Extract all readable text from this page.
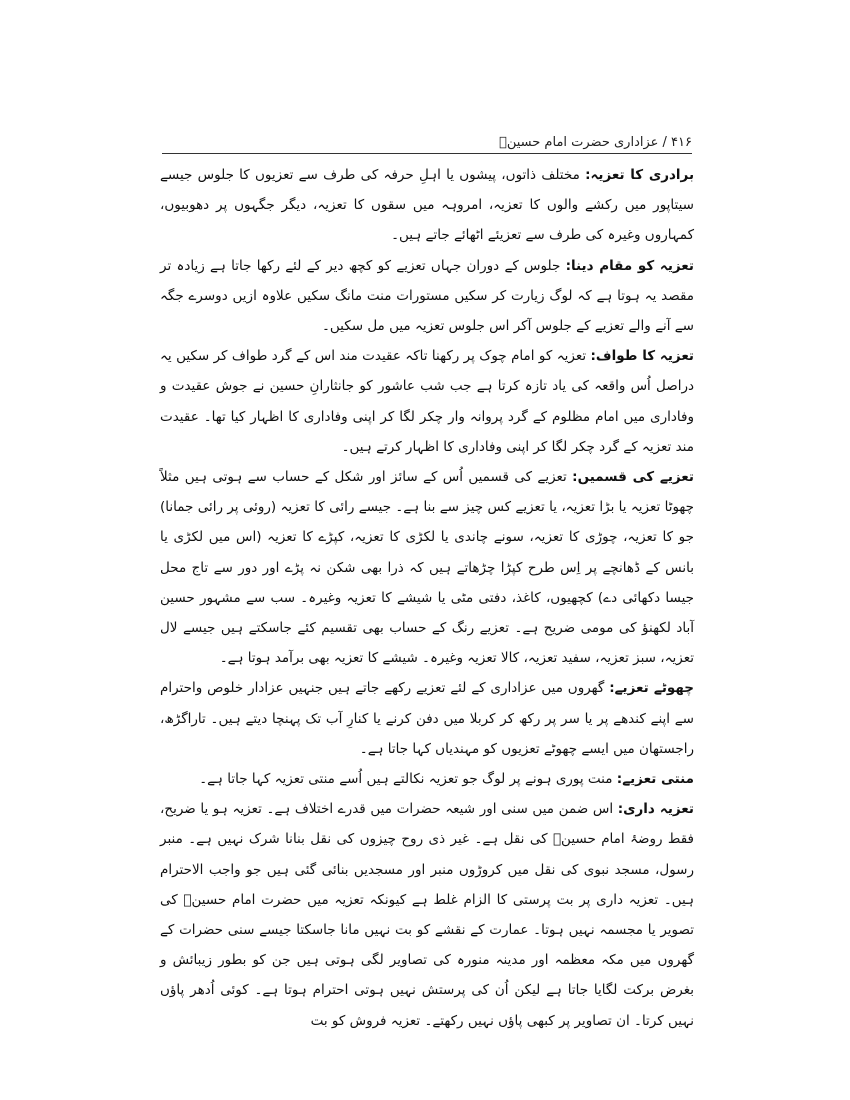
۴۱۶ / عزاداری حضرت امام حسینؑ

برادری کا تعزیہ: مختلف ذاتوں، پیشوں یا اہلِ حرفہ کی طرف سے تعزیوں کا جلوس جیسے سیتاپور میں رکشے والوں کا تعزیہ، امروہہ میں سقوں کا تعزیہ، دیگر جگہوں پر دھوبیوں، کمہاروں وغیرہ کی طرف سے تعزیئے اٹھائے جاتے ہیں۔

تعزیہ کو مقام دینا: جلوس کے دوران جہاں تعزیے کو کچھ دیر کے لئے رکھا جاتا ہے زیادہ تر مقصد یہ ہوتا ہے کہ لوگ زیارت کر سکیں مستورات منت مانگ سکیں علاوہ ازیں دوسرے جگہ سے آنے والے تعزیے کے جلوس آکر اس جلوس تعزیہ میں مل سکیں۔

تعزیہ کا طواف: تعزیہ کو امام چوک پر رکھنا تاکہ عقیدت مند اس کے گرد طواف کر سکیں یہ دراصل اُس واقعہ کی یاد تازہ کرتا ہے جب شب عاشور کو جانثارانِ حسین نے جوش عقیدت و وفاداری میں امام مظلوم کے گرد پروانہ وار چکر لگا کر اپنی وفاداری کا اظہار کیا تھا۔ عقیدت مند تعزیہ کے گرد چکر لگا کر اپنی وفاداری کا اظہار کرتے ہیں۔

تعزیے کی قسمیں: تعزیے کی قسمیں اُس کے سائز اور شکل کے حساب سے ہوتی ہیں مثلاً چھوٹا تعزیہ یا بڑا تعزیہ، یا تعزیے کس چیز سے بنا ہے۔ جیسے رائی کا تعزیہ (روئی پر رائی جمانا) جو کا تعزیہ، چوڑی کا تعزیہ، سونے چاندی یا لکڑی کا تعزیہ، کپڑے کا تعزیہ (اس میں لکڑی یا بانس کے ڈھانچے پر اِس طرح کپڑا چڑھاتے ہیں کہ ذرا بھی شکن نہ پڑے اور دور سے تاج محل جیسا دکھائی دے) کچھیوں، کاغذ، دفتی مٹی یا شیشے کا تعزیہ وغیرہ۔ سب سے مشہور حسین آباد لکھنؤ کی مومی ضریح ہے۔ تعزیے رنگ کے حساب بھی تقسیم کئے جاسکتے ہیں جیسے لال تعزیہ، سبز تعزیہ، سفید تعزیہ، کالا تعزیہ وغیرہ۔ شیشے کا تعزیہ بھی برآمد ہوتا ہے۔

چھوٹے تعزیے: گھروں میں عزاداری کے لئے تعزیے رکھے جاتے ہیں جنہیں عزادار خلوص واحترام سے اپنے کندھے پر یا سر پر رکھ کر کربلا میں دفن کرنے یا کنارِ آب تک پہنچا دیتے ہیں۔ تاراگڑھ، راجستھان میں ایسے چھوٹے تعزیوں کو مہندیاں کہا جاتا ہے۔

منتی تعزیے: منت پوری ہونے پر لوگ جو تعزیہ نکالتے ہیں اُسے منتی تعزیہ کہا جاتا ہے۔

تعزیہ داری: اس ضمن میں سنی اور شیعہ حضرات میں قدرے اختلاف ہے۔ تعزیہ ہو یا ضریح، فقط روضۂ امام حسینؑ کی نقل ہے۔ غیر ذی روح چیزوں کی نقل بنانا شرک نہیں ہے۔ منبر رسول، مسجد نبوی کی نقل میں کروڑوں منبر اور مسجدیں بنائی گئی ہیں جو واجب الاحترام ہیں۔ تعزیہ داری پر بت پرستی کا الزام غلط ہے کیونکہ تعزیہ میں حضرت امام حسینؑ کی تصویر یا مجسمہ نہیں ہوتا۔ عمارت کے نقشے کو بت نہیں مانا جاسکتا جیسے سنی حضرات کے گھروں میں مکہ معظمہ اور مدینہ منورہ کی تصاویر لگی ہوتی ہیں جن کو بطور زیبائش و بغرض برکت لگایا جاتا ہے لیکن اُن کی پرستش نہیں ہوتی احترام ہوتا ہے۔ کوئی اُدھر پاؤں نہیں کرتا۔ ان تصاویر پر کبھی پاؤں نہیں رکھتے۔ تعزیہ فروش کو بت
